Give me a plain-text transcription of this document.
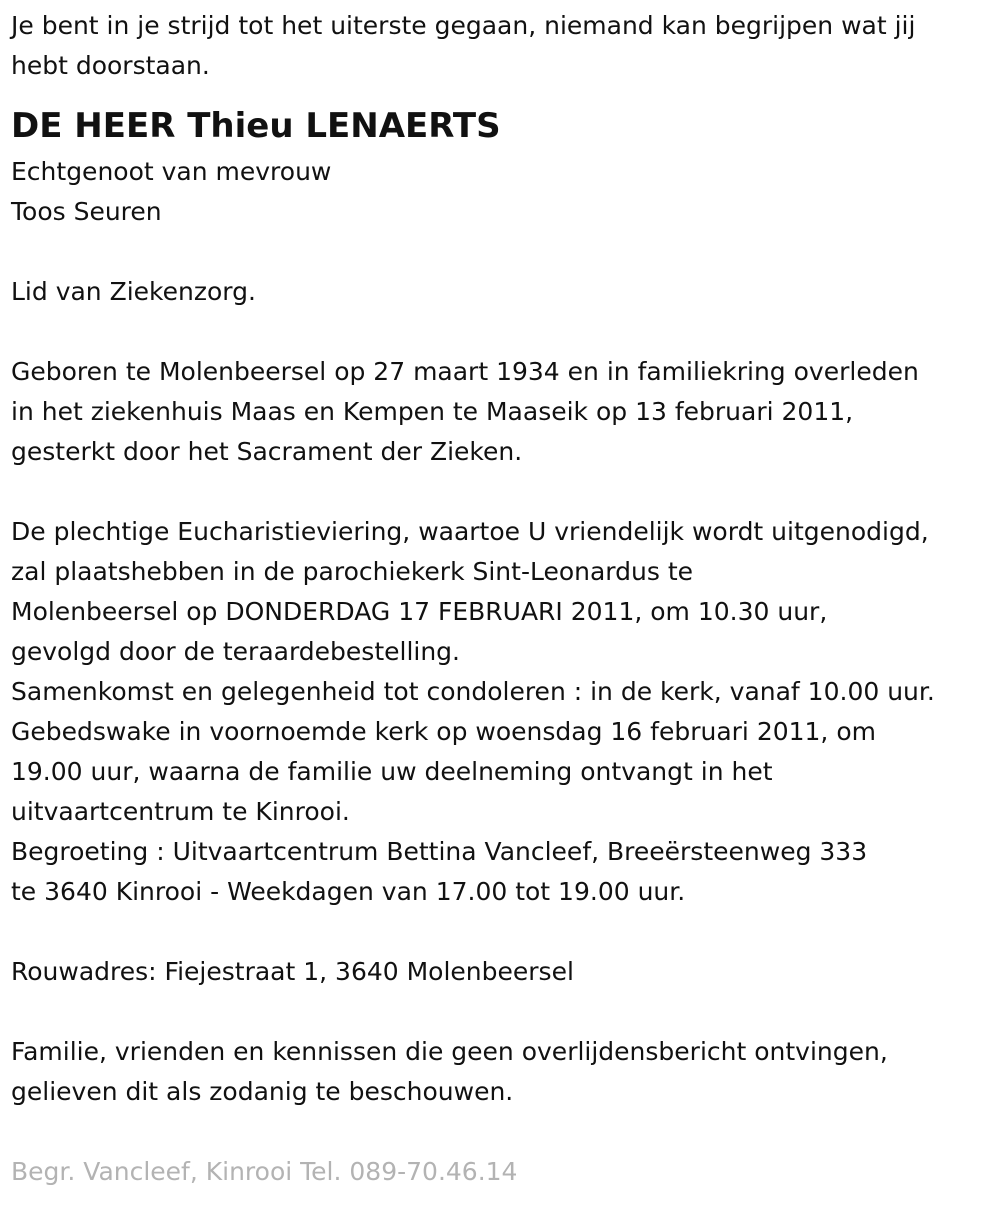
Je bent in je strijd tot het uiterste gegaan, niemand kan begrijpen wat jij
hebt doorstaan.
DE HEER Thieu LENAERTS
Echtgenoot van mevrouw
Toos Seuren
Lid van Ziekenzorg.
Geboren te Molenbeersel op 27 maart 1934 en in familiekring overleden
in het ziekenhuis Maas en Kempen te Maaseik op 13 februari 2011,
gesterkt door het Sacrament der Zieken.
De plechtige Eucharistieviering, waartoe U vriendelijk wordt uitgenodigd,
zal plaatshebben in de parochiekerk Sint-Leonardus te
Molenbeersel op DONDERDAG 17 FEBRUARI 2011, om 10.30 uur,
gevolgd door de teraardebestelling.
Samenkomst en gelegenheid tot condoleren : in de kerk, vanaf 10.00 uur.
Gebedswake in voornoemde kerk op woensdag 16 februari 2011, om
19.00 uur, waarna de familie uw deelneming ontvangt in het
uitvaartcentrum te Kinrooi.
Begroeting : Uitvaartcentrum Bettina Vancleef, Breeërsteenweg 333
te 3640 Kinrooi - Weekdagen van 17.00 tot 19.00 uur.
Rouwadres: Fiejestraat 1, 3640 Molenbeersel
Familie, vrienden en kennissen die geen overlijdensbericht ontvingen,
gelieven dit als zodanig te beschouwen.
Begr. Vancleef, Kinrooi Tel. 089-70.46.14
